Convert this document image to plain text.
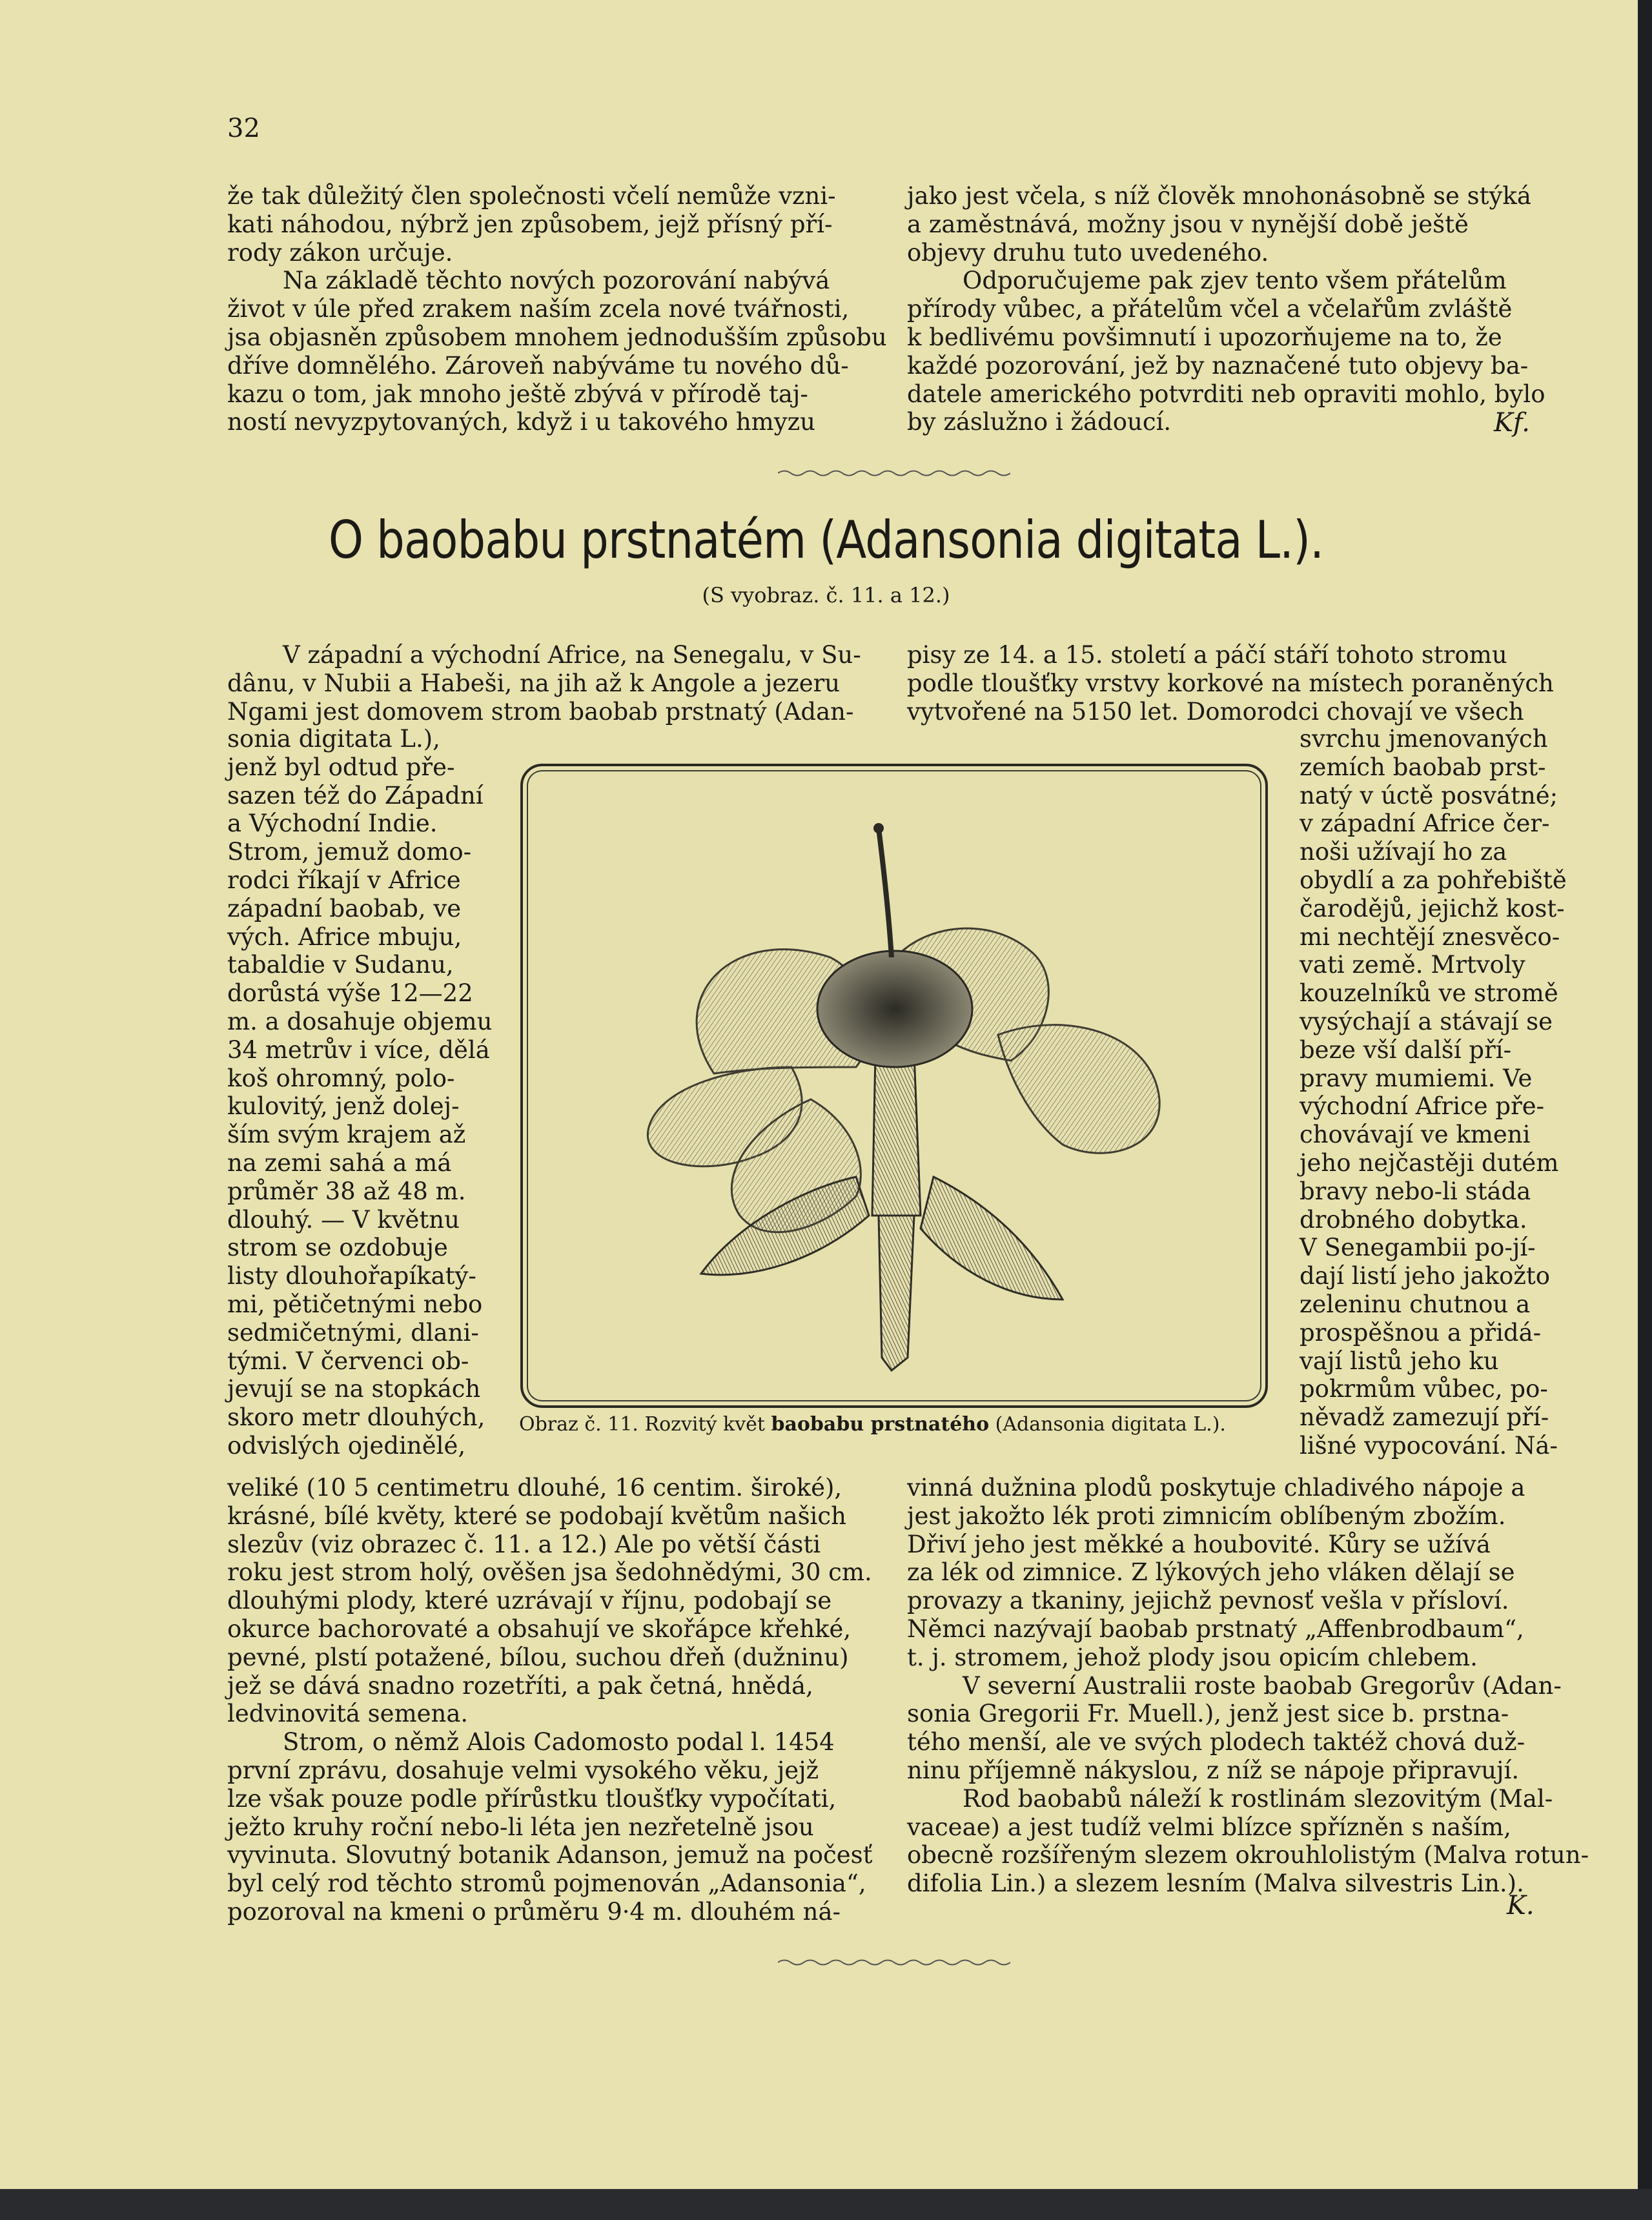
32
že tak důležitý člen společnosti včelí nemůže vzni-
kati náhodou, nýbrž jen způsobem, jejž přísný pří-
rody zákon určuje.
Na základě těchto nových pozorování nabývá
život v úle před zrakem naším zcela nové tvářnosti,
jsa objasněn způsobem mnohem jednodušším způsobu
dříve domnělého. Zároveň nabýváme tu nového dů-
kazu o tom, jak mnoho ještě zbývá v přírodě taj-
ností nevyzpytovaných, když i u takového hmyzu
jako jest včela, s níž člověk mnohonásobně se stýká
a zaměstnává, možny jsou v nynější době ještě
objevy druhu tuto uvedeného.
Odporučujeme pak zjev tento všem přátelům
přírody vůbec, a přátelům včel a včelařům zvláště
k bedlivému povšimnutí i upozorňujeme na to, že
každé pozorování, jež by naznačené tuto objevy ba-
datele amerického potvrditi neb opraviti mohlo, bylo
by záslužno i žádoucí.	Kf.
O baobabu prstnatém (Adansonia digitata L.).
(S vyobraz. č. 11. a 12.)
V západní a východní Africe, na Senegalu, v Su-
dânu, v Nubii a Habeši, na jih až k Angole a jezeru
Ngami jest domovem strom baobab prstnatý (Adan-
pisy ze 14. a 15. století a páčí stáří tohoto stromu
podle tloušťky vrstvy korkové na místech poraněných
vytvořené na 5150 let. Domorodci chovají ve všech
sonia digitata L.),
jenž byl odtud pře-
sazen též do Západní
a Východní Indie.
Strom, jemuž domo-
rodci říkají v Africe
západní baobab, ve
vých. Africe mbuju,
tabaldie v Sudanu,
dorůstá výše 12—22
m. a dosahuje objemu
34 metrův i více, dělá
koš ohromný, polo-
kulovitý, jenž dolej-
ším svým krajem až
na zemi sahá a má
průměr 38 až 48 m.
dlouhý. — V květnu
strom se ozdobuje
listy dlouhořapíkatý-
mi, pětičetnými nebo
sedmičetnými, dlani-
tými. V červenci ob-
jevují se na stopkách
skoro metr dlouhých,
odvislých ojedinělé,
svrchu jmenovaných
zemích baobab prst-
natý v úctě posvátné;
v západní Africe čer-
noši užívají ho za
obydlí a za pohřebiště
čarodějů, jejichž kost-
mi nechtějí znesvěco-
vati země. Mrtvoly
kouzelníků ve stromě
vysýchají a stávají se
beze vší další pří-
pravy mumiemi. Ve
východní Africe pře-
chovávají ve kmeni
jeho nejčastěji dutém
bravy nebo-li stáda
drobného dobytka.
V Senegambii po-jí-
dají listí jeho jakožto
zeleninu chutnou a
prospěšnou a přidá-
vají listů jeho ku
pokrmům vůbec, po-
něvadž zamezují pří-
lišné vypocování. Ná-
Obraz č. 11. Rozvitý květ baobabu prstnatého (Adansonia digitata L.).
veliké (10 5 centimetru dlouhé, 16 centim. široké),
krásné, bílé květy, které se podobají květům našich
slezův (viz obrazec č. 11. a 12.) Ale po větší části
roku jest strom holý, ověšen jsa šedohnědými, 30 cm.
dlouhými plody, které uzrávají v říjnu, podobají se
okurce bachorovaté a obsahují ve skořápce křehké,
pevné, plstí potažené, bílou, suchou dřeň (dužninu)
jež se dává snadno rozetříti, a pak četná, hnědá,
ledvinovitá semena.
Strom, o němž Alois Cadomosto podal l. 1454
první zprávu, dosahuje velmi vysokého věku, jejž
lze však pouze podle přírůstku tloušťky vypočítati,
ježto kruhy roční nebo-li léta jen nezřetelně jsou
vyvinuta. Slovutný botanik Adanson, jemuž na počesť
byl celý rod těchto stromů pojmenován „Adansonia“,
pozoroval na kmeni o průměru 9·4 m. dlouhém ná-
vinná dužnina plodů poskytuje chladivého nápoje a
jest jakožto lék proti zimnicím oblíbeným zbožím.
Dřiví jeho jest měkké a houbovité. Kůry se užívá
za lék od zimnice. Z lýkových jeho vláken dělají se
provazy a tkaniny, jejichž pevnosť vešla v přísloví.
Němci nazývají baobab prstnatý „Affenbrodbaum“,
t. j. stromem, jehož plody jsou opicím chlebem.
V severní Australii roste baobab Gregorův (Adan-
sonia Gregorii Fr. Muell.), jenž jest sice b. prstna-
tého menší, ale ve svých plodech taktéž chová duž-
ninu příjemně nákyslou, z níž se nápoje připravují.
Rod baobabů náleží k rostlinám slezovitým (Mal-
vaceae) a jest tudíž velmi blízce spřízněn s naším,
obecně rozšířeným slezem okrouhlolistým (Malva rotun-
difolia Lin.) a slezem lesním (Malva silvestris Lin.).
K.
